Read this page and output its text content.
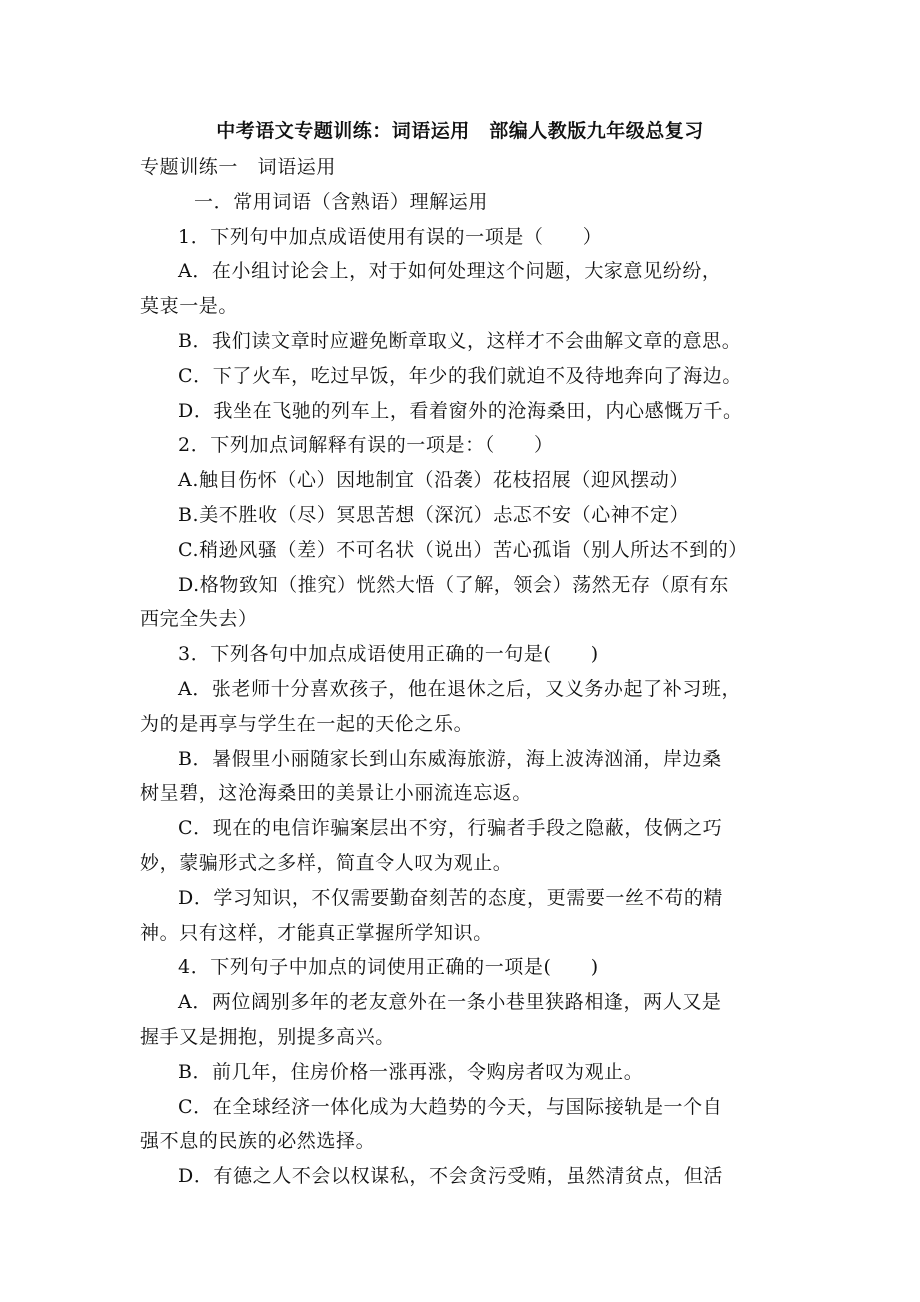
中考语文专题训练：词语运用　部编人教版九年级总复习
专题训练一　词语运用
一．常用词语（含熟语）理解运用
1．下列句中加点成语使用有误的一项是（　　）
A．在小组讨论会上，对于如何处理这个问题，大家意见纷纷，
莫衷一是。
B．我们读文章时应避免断章取义，这样才不会曲解文章的意思。
C．下了火车，吃过早饭，年少的我们就迫不及待地奔向了海边。
D．我坐在飞驰的列车上，看着窗外的沧海桑田，内心感慨万千。
2．下列加点词解释有误的一项是：（　　）
A.触目伤怀（心）因地制宜（沿袭）花枝招展（迎风摆动）
B.美不胜收（尽）冥思苦想（深沉）忐忑不安（心神不定）
C.稍逊风骚（差）不可名状（说出）苦心孤诣（别人所达不到的）
D.格物致知（推究）恍然大悟（了解，领会）荡然无存（原有东
西完全失去）
3．下列各句中加点成语使用正确的一句是(　　)
A．张老师十分喜欢孩子，他在退休之后，又义务办起了补习班，
为的是再享与学生在一起的天伦之乐。
B．暑假里小丽随家长到山东威海旅游，海上波涛汹涌，岸边桑
树呈碧，这沧海桑田的美景让小丽流连忘返。
C．现在的电信诈骗案层出不穷，行骗者手段之隐蔽，伎俩之巧
妙，蒙骗形式之多样，简直令人叹为观止。
D．学习知识，不仅需要勤奋刻苦的态度，更需要一丝不苟的精
神。只有这样，才能真正掌握所学知识。
4．下列句子中加点的词使用正确的一项是(　　)
A．两位阔别多年的老友意外在一条小巷里狭路相逢，两人又是
握手又是拥抱，别提多高兴。
B．前几年，住房价格一涨再涨，令购房者叹为观止。
C．在全球经济一体化成为大趋势的今天，与国际接轨是一个自
强不息的民族的必然选择。
D．有德之人不会以权谋私，不会贪污受贿，虽然清贫点，但活
